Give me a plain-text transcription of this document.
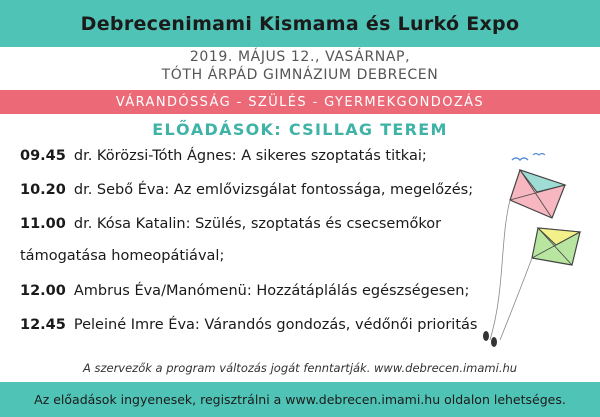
Debrecenimami Kismama és Lurkó Expo
2019. MÁJUS 12., VASÁRNAP,
TÓTH ÁRPÁD GIMNÁZIUM DEBRECEN
VÁRANDÓSSÁG - SZÜLÉS - GYERMEKGONDOZÁS
ELŐADÁSOK: CSILLAG TEREM
09.45 dr. Körözsi-Tóth Ágnes: A sikeres szoptatás titkai;
10.20 dr. Sebő Éva: Az emlővizsgálat fontossága, megelőzés;
11.00 dr. Kósa Katalin: Szülés, szoptatás és csecsemőkor
támogatása homeopátiával;
12.00 Ambrus Éva/Manómenü: Hozzátáplálás egészségesen;
12.45 Peleiné Imre Éva: Várandós gondozás, védőnői prioritás
A szervezők a program változás jogát fenntartják. www.debrecen.imami.hu
Az előadások ingyenesek, regisztrálni a www.debrecen.imami.hu oldalon lehetséges.
